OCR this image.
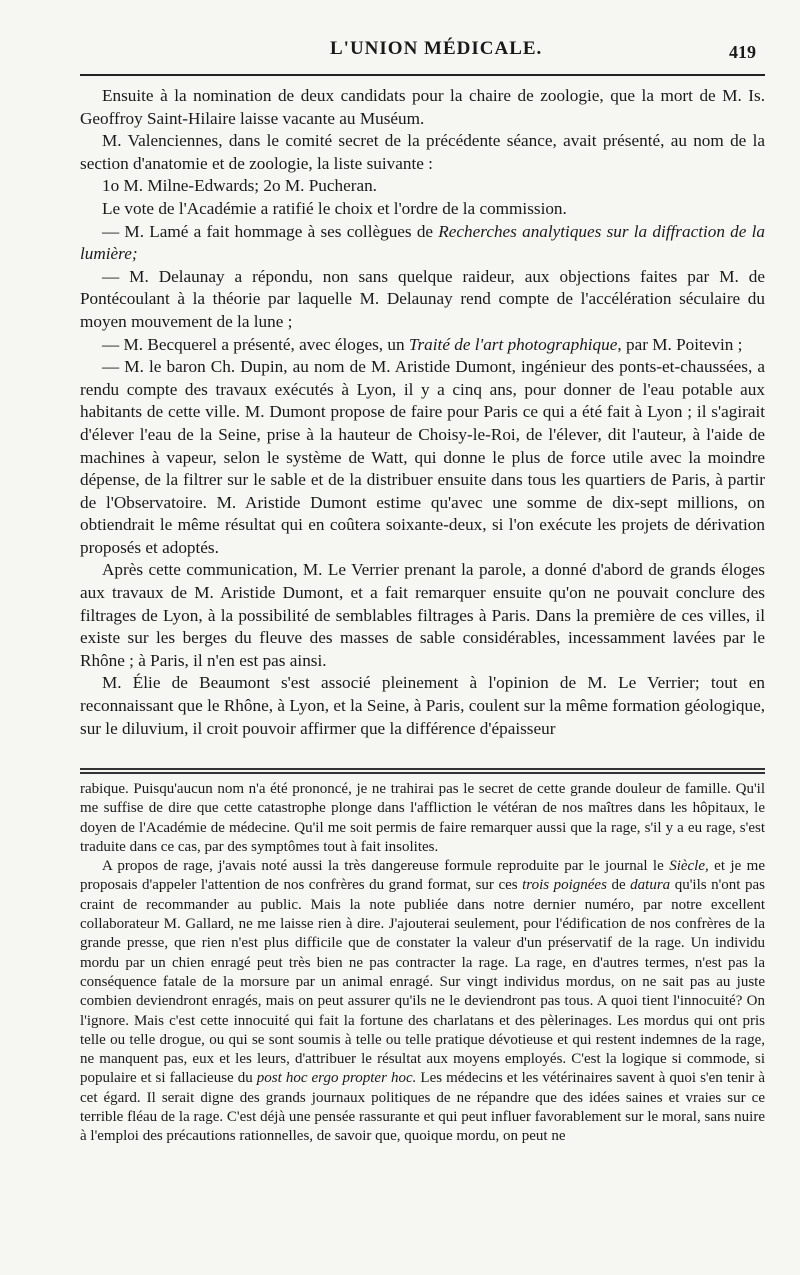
L'UNION MÉDICALE.	419

Ensuite à la nomination de deux candidats pour la chaire de zoologie, que la mort de M. Is. Geoffroy Saint-Hilaire laisse vacante au Muséum.

M. Valenciennes, dans le comité secret de la précédente séance, avait présenté, au nom de la section d'anatomie et de zoologie, la liste suivante :

1o M. Milne-Edwards; 2o M. Pucheran.

Le vote de l'Académie a ratifié le choix et l'ordre de la commission.

— M. Lamé a fait hommage à ses collègues de Recherches analytiques sur la diffraction de la lumière;

— M. Delaunay a répondu, non sans quelque raideur, aux objections faites par M. de Pontécoulant à la théorie par laquelle M. Delaunay rend compte de l'accélération séculaire du moyen mouvement de la lune ;

— M. Becquerel a présenté, avec éloges, un Traité de l'art photographique, par M. Poitevin ;

— M. le baron Ch. Dupin, au nom de M. Aristide Dumont, ingénieur des ponts-et-chaussées, a rendu compte des travaux exécutés à Lyon, il y a cinq ans, pour donner de l'eau potable aux habitants de cette ville. M. Dumont propose de faire pour Paris ce qui a été fait à Lyon ; il s'agirait d'élever l'eau de la Seine, prise à la hauteur de Choisy-le-Roi, de l'élever, dit l'auteur, à l'aide de machines à vapeur, selon le système de Watt, qui donne le plus de force utile avec la moindre dépense, de la filtrer sur le sable et de la distribuer ensuite dans tous les quartiers de Paris, à partir de l'Observatoire. M. Aristide Dumont estime qu'avec une somme de dix-sept millions, on obtiendrait le même résultat qui en coûtera soixante-deux, si l'on exécute les projets de dérivation proposés et adoptés.

Après cette communication, M. Le Verrier prenant la parole, a donné d'abord de grands éloges aux travaux de M. Aristide Dumont, et a fait remarquer ensuite qu'on ne pouvait conclure des filtrages de Lyon, à la possibilité de semblables filtrages à Paris. Dans la première de ces villes, il existe sur les berges du fleuve des masses de sable considérables, incessamment lavées par le Rhône ; à Paris, il n'en est pas ainsi.

M. Élie de Beaumont s'est associé pleinement à l'opinion de M. Le Verrier; tout en reconnaissant que le Rhône, à Lyon, et la Seine, à Paris, coulent sur la même formation géologique, sur le diluvium, il croit pouvoir affirmer que la différence d'épaisseur

rabique. Puisqu'aucun nom n'a été prononcé, je ne trahirai pas le secret de cette grande douleur de famille. Qu'il me suffise de dire que cette catastrophe plonge dans l'affliction le vétéran de nos maîtres dans les hôpitaux, le doyen de l'Académie de médecine. Qu'il me soit permis de faire remarquer aussi que la rage, s'il y a eu rage, s'est traduite dans ce cas, par des symptômes tout à fait insolites.

A propos de rage, j'avais noté aussi la très dangereuse formule reproduite par le journal le Siècle, et je me proposais d'appeler l'attention de nos confrères du grand format, sur ces trois poignées de datura qu'ils n'ont pas craint de recommander au public. Mais la note publiée dans notre dernier numéro, par notre excellent collaborateur M. Gallard, ne me laisse rien à dire. J'ajouterai seulement, pour l'édification de nos confrères de la grande presse, que rien n'est plus difficile que de constater la valeur d'un préservatif de la rage. Un individu mordu par un chien enragé peut très bien ne pas contracter la rage. La rage, en d'autres termes, n'est pas la conséquence fatale de la morsure par un animal enragé. Sur vingt individus mordus, on ne sait pas au juste combien deviendront enragés, mais on peut assurer qu'ils ne le deviendront pas tous. A quoi tient l'innocuité? On l'ignore. Mais c'est cette innocuité qui fait la fortune des charlatans et des pèlerinages. Les mordus qui ont pris telle ou telle drogue, ou qui se sont soumis à telle ou telle pratique dévotieuse et qui restent indemnes de la rage, ne manquent pas, eux et les leurs, d'attribuer le résultat aux moyens employés. C'est la logique si commode, si populaire et si fallacieuse du post hoc ergo propter hoc. Les médecins et les vétérinaires savent à quoi s'en tenir à cet égard. Il serait digne des grands journaux politiques de ne répandre que des idées saines et vraies sur ce terrible fléau de la rage. C'est déjà une pensée rassurante et qui peut influer favorablement sur le moral, sans nuire à l'emploi des précautions rationnelles, de savoir que, quoique mordu, on peut ne
